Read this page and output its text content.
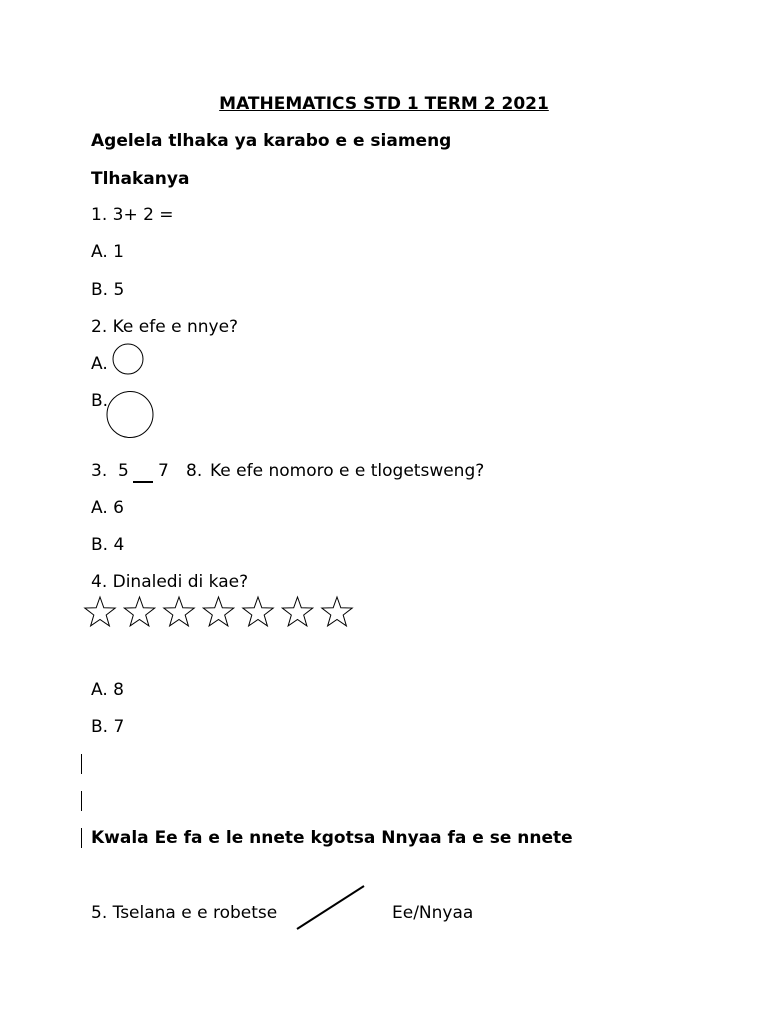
MATHEMATICS STD 1 TERM 2 2021
Agelela tlhaka ya karabo e e siameng
Tlhakanya
1. 3+ 2 =
A. 1
B. 5
2. Ke efe e nnye?
A.
B.
3. 5 7 8. Ke efe nomoro e e tlogetsweng?
A. 6
B. 4
4. Dinaledi di kae?
A. 8
B. 7
Kwala Ee fa e le nnete kgotsa Nnyaa fa e se nnete
5. Tselana e e robetse	Ee/Nnyaa
